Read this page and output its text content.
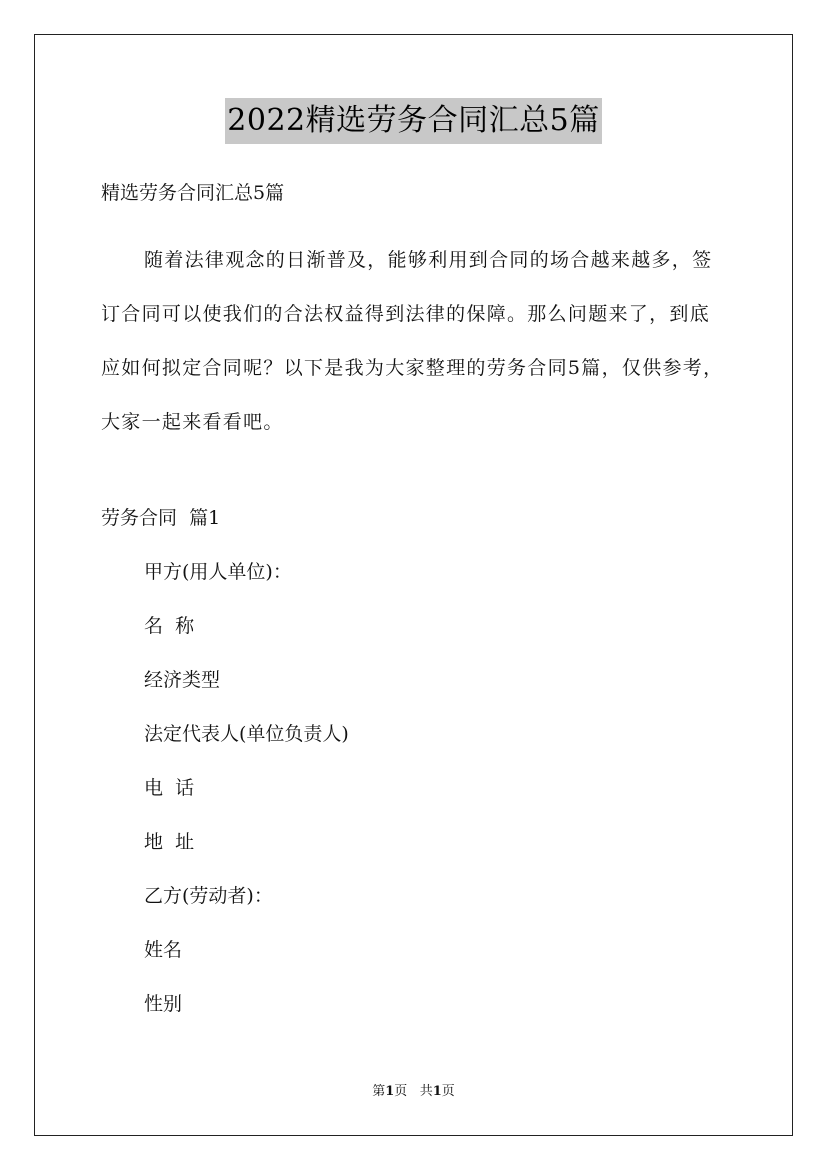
2022精选劳务合同汇总5篇
精选劳务合同汇总5篇
随着法律观念的日渐普及，能够利用到合同的场合越来越多，签
订合同可以使我们的合法权益得到法律的保障。那么问题来了，到底
应如何拟定合同呢？以下是我为大家整理的劳务合同5篇，仅供参考，
大家一起来看看吧。
劳务合同  篇1
甲方(用人单位)：
名  称
经济类型
法定代表人(单位负责人)
电  话
地  址
乙方(劳动者)：
姓名
性别
第1页 共1页
